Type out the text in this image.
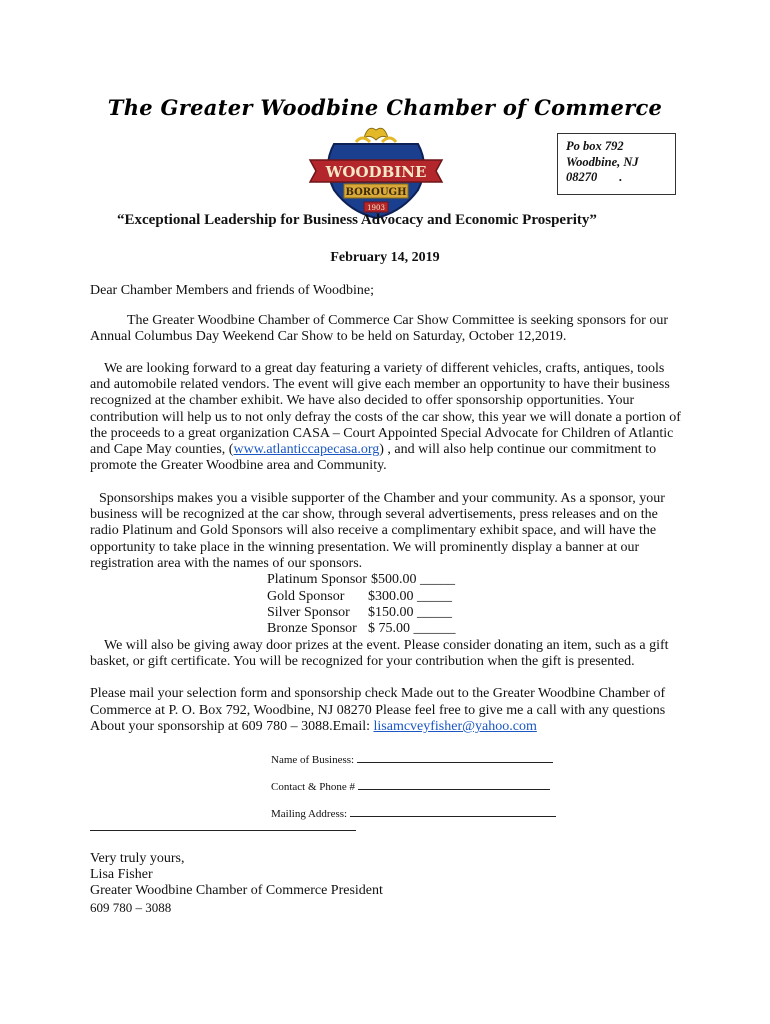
The Greater Woodbine Chamber of Commerce
WOODBINE
BOROUGH
1903
Po box 792
Woodbine, NJ
08270 .
“Exceptional Leadership for Business Advocacy and Economic Prosperity”
February 14, 2019
Dear Chamber Members and friends of Woodbine;
The Greater Woodbine Chamber of Commerce Car Show Committee is seeking sponsors for our
Annual Columbus Day Weekend Car Show to be held on Saturday, October 12,2019.
We are looking forward to a great day featuring a variety of different vehicles, crafts, antiques, tools
and automobile related vendors. The event will give each member an opportunity to have their business
recognized at the chamber exhibit. We have also decided to offer sponsorship opportunities. Your
contribution will help us to not only defray the costs of the car show, this year we will donate a portion of
the proceeds to a great organization CASA – Court Appointed Special Advocate for Children of Atlantic
and Cape May counties, (www.atlanticcapecasa.org) , and will also help continue our commitment to
promote the Greater Woodbine area and Community.
Sponsorships makes you a visible supporter of the Chamber and your community. As a sponsor, your
business will be recognized at the car show, through several advertisements, press releases and on the
radio Platinum and Gold Sponsors will also receive a complimentary exhibit space, and will have the
opportunity to take place in the winning presentation. We will prominently display a banner at our
registration area with the names of our sponsors.
Platinum Sponsor $500.00 _____
Gold Sponsor $300.00 _____
Silver Sponsor $150.00 _____
Bronze Sponsor $ 75.00 ______
We will also be giving away door prizes at the event. Please consider donating an item, such as a gift
basket, or gift certificate. You will be recognized for your contribution when the gift is presented.
Please mail your selection form and sponsorship check Made out to the Greater Woodbine Chamber of
Commerce at P. O. Box 792, Woodbine, NJ 08270 Please feel free to give me a call with any questions
About your sponsorship at 609 780 – 3088.Email: lisamcveyfisher@yahoo.com
Name of Business:
Contact & Phone #
Mailing Address:
Very truly yours,
Lisa Fisher
Greater Woodbine Chamber of Commerce President
609 780 – 3088
